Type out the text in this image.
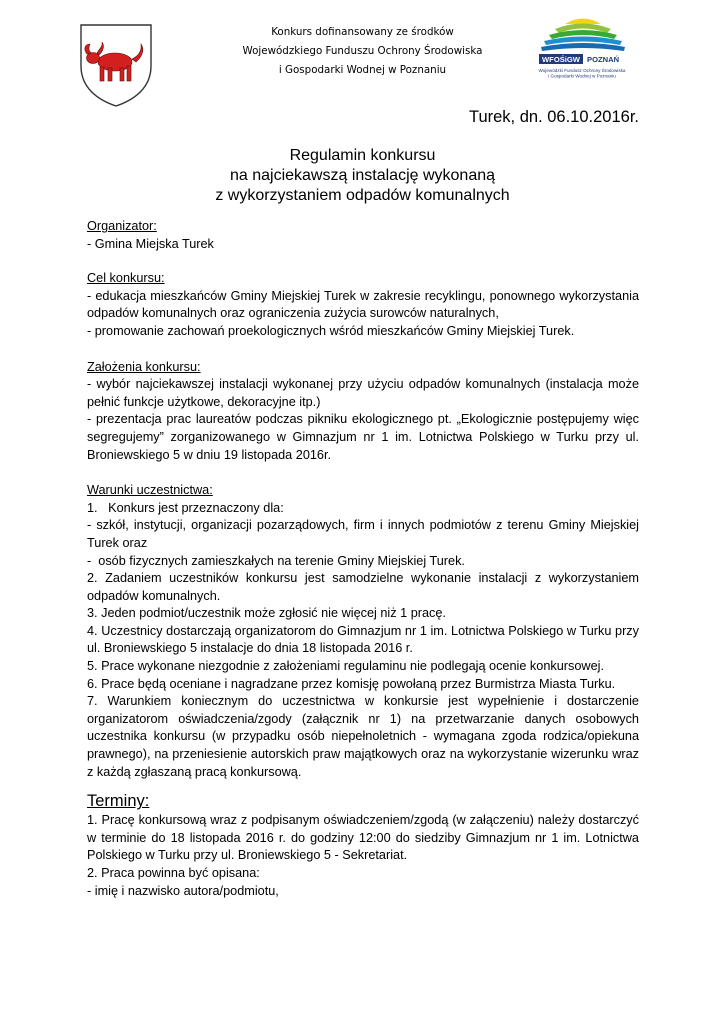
Konkurs dofinansowany ze środków
Wojewódzkiego Funduszu Ochrony Środowiska
i Gospodarki Wodnej w Poznaniu
WFOŚiGW POZNAŃ
Wojewódzki Fundusz Ochrony Środowiska
i Gospodarki Wodnej w Poznaniu
Turek, dn. 06.10.2016r.
Regulamin konkursu
na najciekawszą instalację wykonaną
z wykorzystaniem odpadów komunalnych
Organizator:

- Gmina Miejska Turek

Cel konkursu:

- edukacja mieszkańców Gminy Miejskiej Turek w zakresie recyklingu, ponownego wykorzystania odpadów komunalnych oraz ograniczenia zużycia surowców naturalnych,

- promowanie zachowań proekologicznych wśród mieszkańców Gminy Miejskiej Turek.

Założenia konkursu:

- wybór najciekawszej instalacji wykonanej przy użyciu odpadów komunalnych (instalacja może pełnić funkcje użytkowe, dekoracyjne itp.)

- prezentacja prac laureatów podczas pikniku ekologicznego pt. „Ekologicznie postępujemy więc segregujemy” zorganizowanego w Gimnazjum nr 1 im. Lotnictwa Polskiego w Turku przy ul. Broniewskiego 5 w dniu 19 listopada 2016r.

Warunki uczestnictwa:

1.   Konkurs jest przeznaczony dla:

- szkół, instytucji, organizacji pozarządowych, firm i innych podmiotów z terenu Gminy Miejskiej Turek oraz

-  osób fizycznych zamieszkałych na terenie Gminy Miejskiej Turek.

2. Zadaniem uczestników konkursu jest samodzielne wykonanie instalacji z wykorzystaniem odpadów komunalnych.

3. Jeden podmiot/uczestnik może zgłosić nie więcej niż 1 pracę.

4. Uczestnicy dostarczają organizatorom do Gimnazjum nr 1 im. Lotnictwa Polskiego w Turku przy ul. Broniewskiego 5 instalacje do dnia 18 listopada 2016 r.

5. Prace wykonane niezgodnie z założeniami regulaminu nie podlegają ocenie konkursowej.

6. Prace będą oceniane i nagradzane przez komisję powołaną przez Burmistrza Miasta Turku.

7. Warunkiem koniecznym do uczestnictwa w konkursie jest wypełnienie i dostarczenie organizatorom oświadczenia/zgody (załącznik nr 1) na przetwarzanie danych osobowych uczestnika konkursu (w przypadku osób niepełnoletnich - wymagana zgoda rodzica/opiekuna prawnego), na przeniesienie autorskich praw majątkowych oraz na wykorzystanie wizerunku wraz z każdą zgłaszaną pracą konkursową.

Terminy:

1. Pracę konkursową wraz z podpisanym oświadczeniem/zgodą (w załączeniu) należy dostarczyć w terminie do 18 listopada 2016 r. do godziny 12:00 do siedziby Gimnazjum nr 1 im. Lotnictwa Polskiego w Turku przy ul. Broniewskiego 5 - Sekretariat.

2. Praca powinna być opisana:

- imię i nazwisko autora/podmiotu,
